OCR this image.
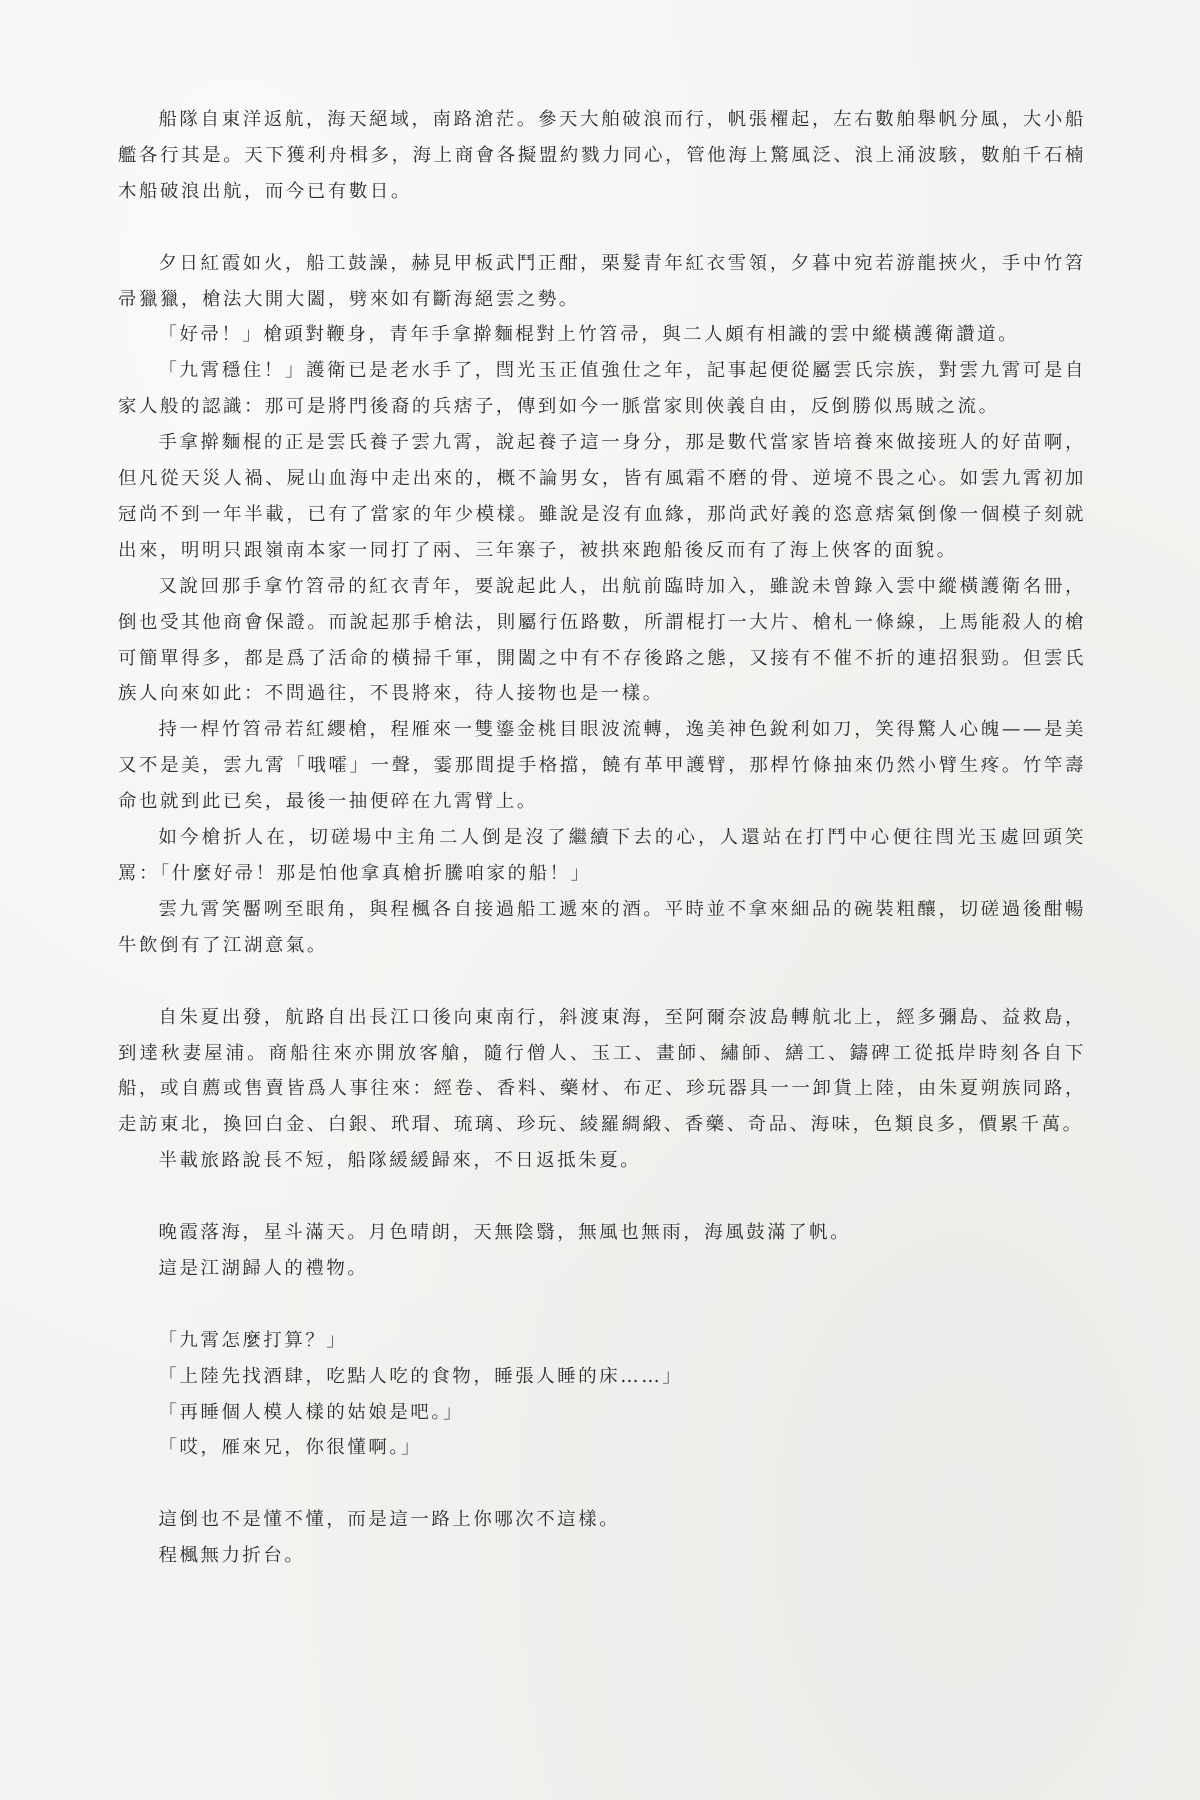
船隊自東洋返航，海天絕域，南路滄茫。參天大舶破浪而行，帆張櫂起，左右數舶舉帆分風，大小船艦各行其是。天下獲利舟楫多，海上商會各擬盟約戮力同心，管他海上驚風泛、浪上涌波駭，數舶千石楠木船破浪出航，而今已有數日。

夕日紅霞如火，船工鼓譟，赫見甲板武鬥正酣，栗髮青年紅衣雪領，夕暮中宛若游龍挾火，手中竹笤帚獵獵，槍法大開大闔，劈來如有斷海絕雲之勢。

「好帚！」槍頭對鞭身，青年手拿擀麵棍對上竹笤帚，與二人頗有相識的雲中縱橫護衛讚道。

「九霄穩住！」護衛已是老水手了，閆光玉正值強仕之年，記事起便從屬雲氏宗族，對雲九霄可是自家人般的認識：那可是將門後裔的兵痞子，傳到如今一脈當家則俠義自由，反倒勝似馬賊之流。

手拿擀麵棍的正是雲氏養子雲九霄，說起養子這一身分，那是數代當家皆培養來做接班人的好苗啊，但凡從天災人禍、屍山血海中走出來的，概不論男女，皆有風霜不磨的骨、逆境不畏之心。如雲九霄初加冠尚不到一年半載，已有了當家的年少模樣。雖說是沒有血緣，那尚武好義的恣意痞氣倒像一個模子刻就出來，明明只跟嶺南本家一同打了兩、三年寨子，被拱來跑船後反而有了海上俠客的面貌。

又說回那手拿竹笤帚的紅衣青年，要說起此人，出航前臨時加入，雖說未曾錄入雲中縱橫護衛名冊，倒也受其他商會保證。而說起那手槍法，則屬行伍路數，所謂棍打一大片、槍札一條線，上馬能殺人的槍可簡單得多，都是爲了活命的橫掃千軍，開闔之中有不存後路之態，又接有不催不折的連招狠勁。但雲氏族人向來如此：不問過往，不畏將來，待人接物也是一樣。

持一桿竹笤帚若紅纓槍，程雁來一雙鎏金桃目眼波流轉，逸美神色銳利如刀，笑得驚人心魄——是美又不是美，雲九霄「哦嚯」一聲，霎那間提手格擋，饒有革甲護臂，那桿竹條抽來仍然小臂生疼。竹竿壽命也就到此已矣，最後一抽便碎在九霄臂上。

如今槍折人在，切磋場中主角二人倒是沒了繼續下去的心，人還站在打鬥中心便往閆光玉處回頭笑罵：「什麼好帚！那是怕他拿真槍折騰咱家的船！」

雲九霄笑靨咧至眼角，與程楓各自接過船工遞來的酒。平時並不拿來細品的碗裝粗釀，切磋過後酣暢牛飲倒有了江湖意氣。

自朱夏出發，航路自出長江口後向東南行，斜渡東海，至阿爾奈波島轉航北上，經多彌島、益救島，到達秋妻屋浦。商船往來亦開放客艙，隨行僧人、玉工、畫師、繡師、繕工、鑄碑工從抵岸時刻各自下船，或自薦或售賣皆爲人事往來：經卷、香料、藥材、布疋、珍玩器具一一卸貨上陸，由朱夏朔族同路，走訪東北，換回白金、白銀、玳瑁、琉璃、珍玩、綾羅綢緞、香藥、奇品、海味，色類良多，價累千萬。

半載旅路說長不短，船隊緩緩歸來，不日返抵朱夏。

晚霞落海，星斗滿天。月色晴朗，天無陰翳，無風也無雨，海風鼓滿了帆。

這是江湖歸人的禮物。

「九霄怎麼打算？」

「上陸先找酒肆，吃點人吃的食物，睡張人睡的床……」

「再睡個人模人樣的姑娘是吧。」

「哎，雁來兄，你很懂啊。」

這倒也不是懂不懂，而是這一路上你哪次不這樣。

程楓無力折台。
